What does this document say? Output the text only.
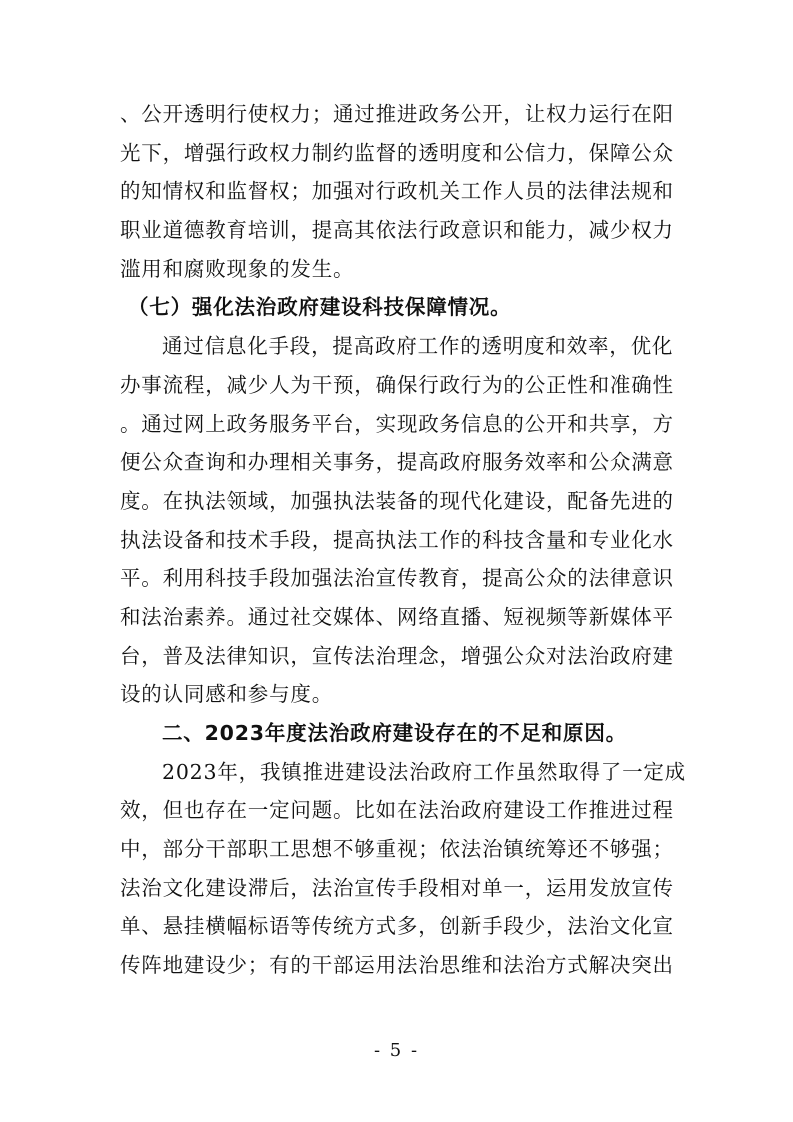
、公开透明行使权力；通过推进政务公开，让权力运行在阳
光下，增强行政权力制约监督的透明度和公信力，保障公众
的知情权和监督权；加强对行政机关工作人员的法律法规和
职业道德教育培训，提高其依法行政意识和能力，减少权力
滥用和腐败现象的发生。
（七）强化法治政府建设科技保障情况。
通过信息化手段，提高政府工作的透明度和效率，优化
办事流程，减少人为干预，确保行政行为的公正性和准确性
。通过网上政务服务平台，实现政务信息的公开和共享，方
便公众查询和办理相关事务，提高政府服务效率和公众满意
度。在执法领域，加强执法装备的现代化建设，配备先进的
执法设备和技术手段，提高执法工作的科技含量和专业化水
平。利用科技手段加强法治宣传教育，提高公众的法律意识
和法治素养。通过社交媒体、网络直播、短视频等新媒体平
台，普及法律知识，宣传法治理念，增强公众对法治政府建
设的认同感和参与度。
二、2023年度法治政府建设存在的不足和原因。
2023年，我镇推进建设法治政府工作虽然取得了一定成
效，但也存在一定问题。比如在法治政府建设工作推进过程
中，部分干部职工思想不够重视；依法治镇统筹还不够强；
法治文化建设滞后，法治宣传手段相对单一，运用发放宣传
单、悬挂横幅标语等传统方式多，创新手段少，法治文化宣
传阵地建设少；有的干部运用法治思维和法治方式解决突出
- 5 -
